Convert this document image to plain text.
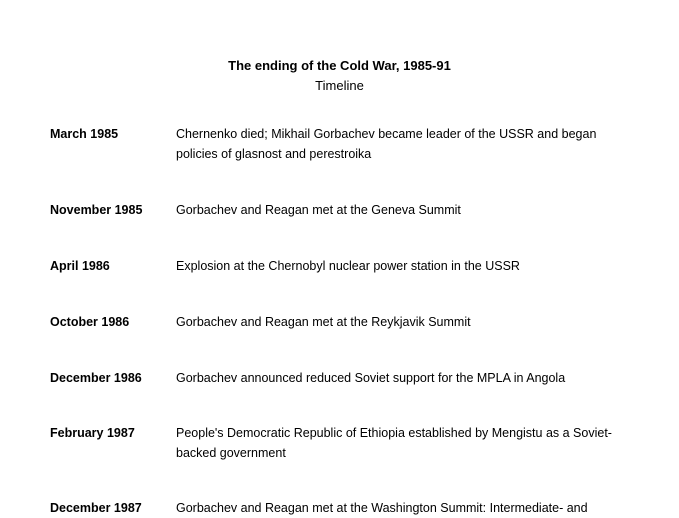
The ending of the Cold War, 1985-91
Timeline
March 1985	Chernenko died; Mikhail Gorbachev became leader of the USSR and began policies of glasnost and perestroika
November 1985	Gorbachev and Reagan met at the Geneva Summit
April 1986	Explosion at the Chernobyl nuclear power station in the USSR
October 1986	Gorbachev and Reagan met at the Reykjavik Summit
December 1986	Gorbachev announced reduced Soviet support for the MPLA in Angola
February 1987	People's Democratic Republic of Ethiopia established by Mengistu as a Soviet-backed government
December 1987	Gorbachev and Reagan met at the Washington Summit: Intermediate- and
